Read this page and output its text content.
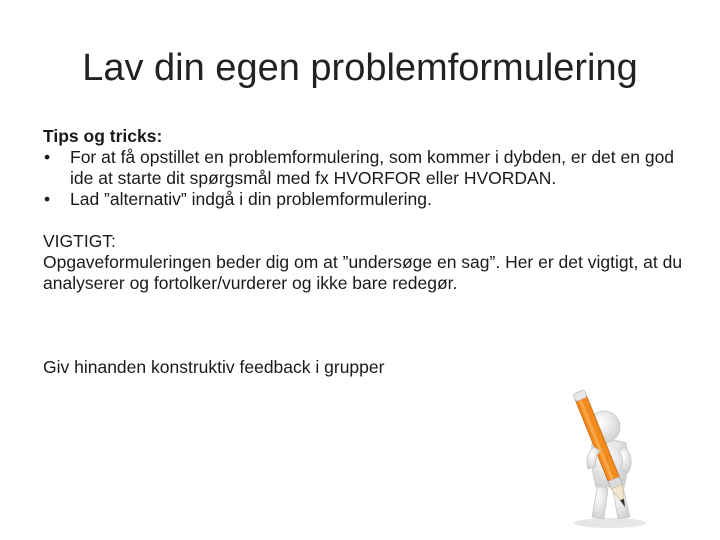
Lav din egen problemformulering
Tips og tricks:
• For at få opstillet en problemformulering, som kommer i dybden, er det en god ide at starte dit spørgsmål med fx HVORFOR eller HVORDAN.
• Lad ”alternativ” indgå i din problemformulering.
VIGTIGT:
Opgaveformuleringen beder dig om at ”undersøge en sag”. Her er det vigtigt, at du analyserer og fortolker/vurderer og ikke bare redegør.
Giv hinanden konstruktiv feedback i grupper
